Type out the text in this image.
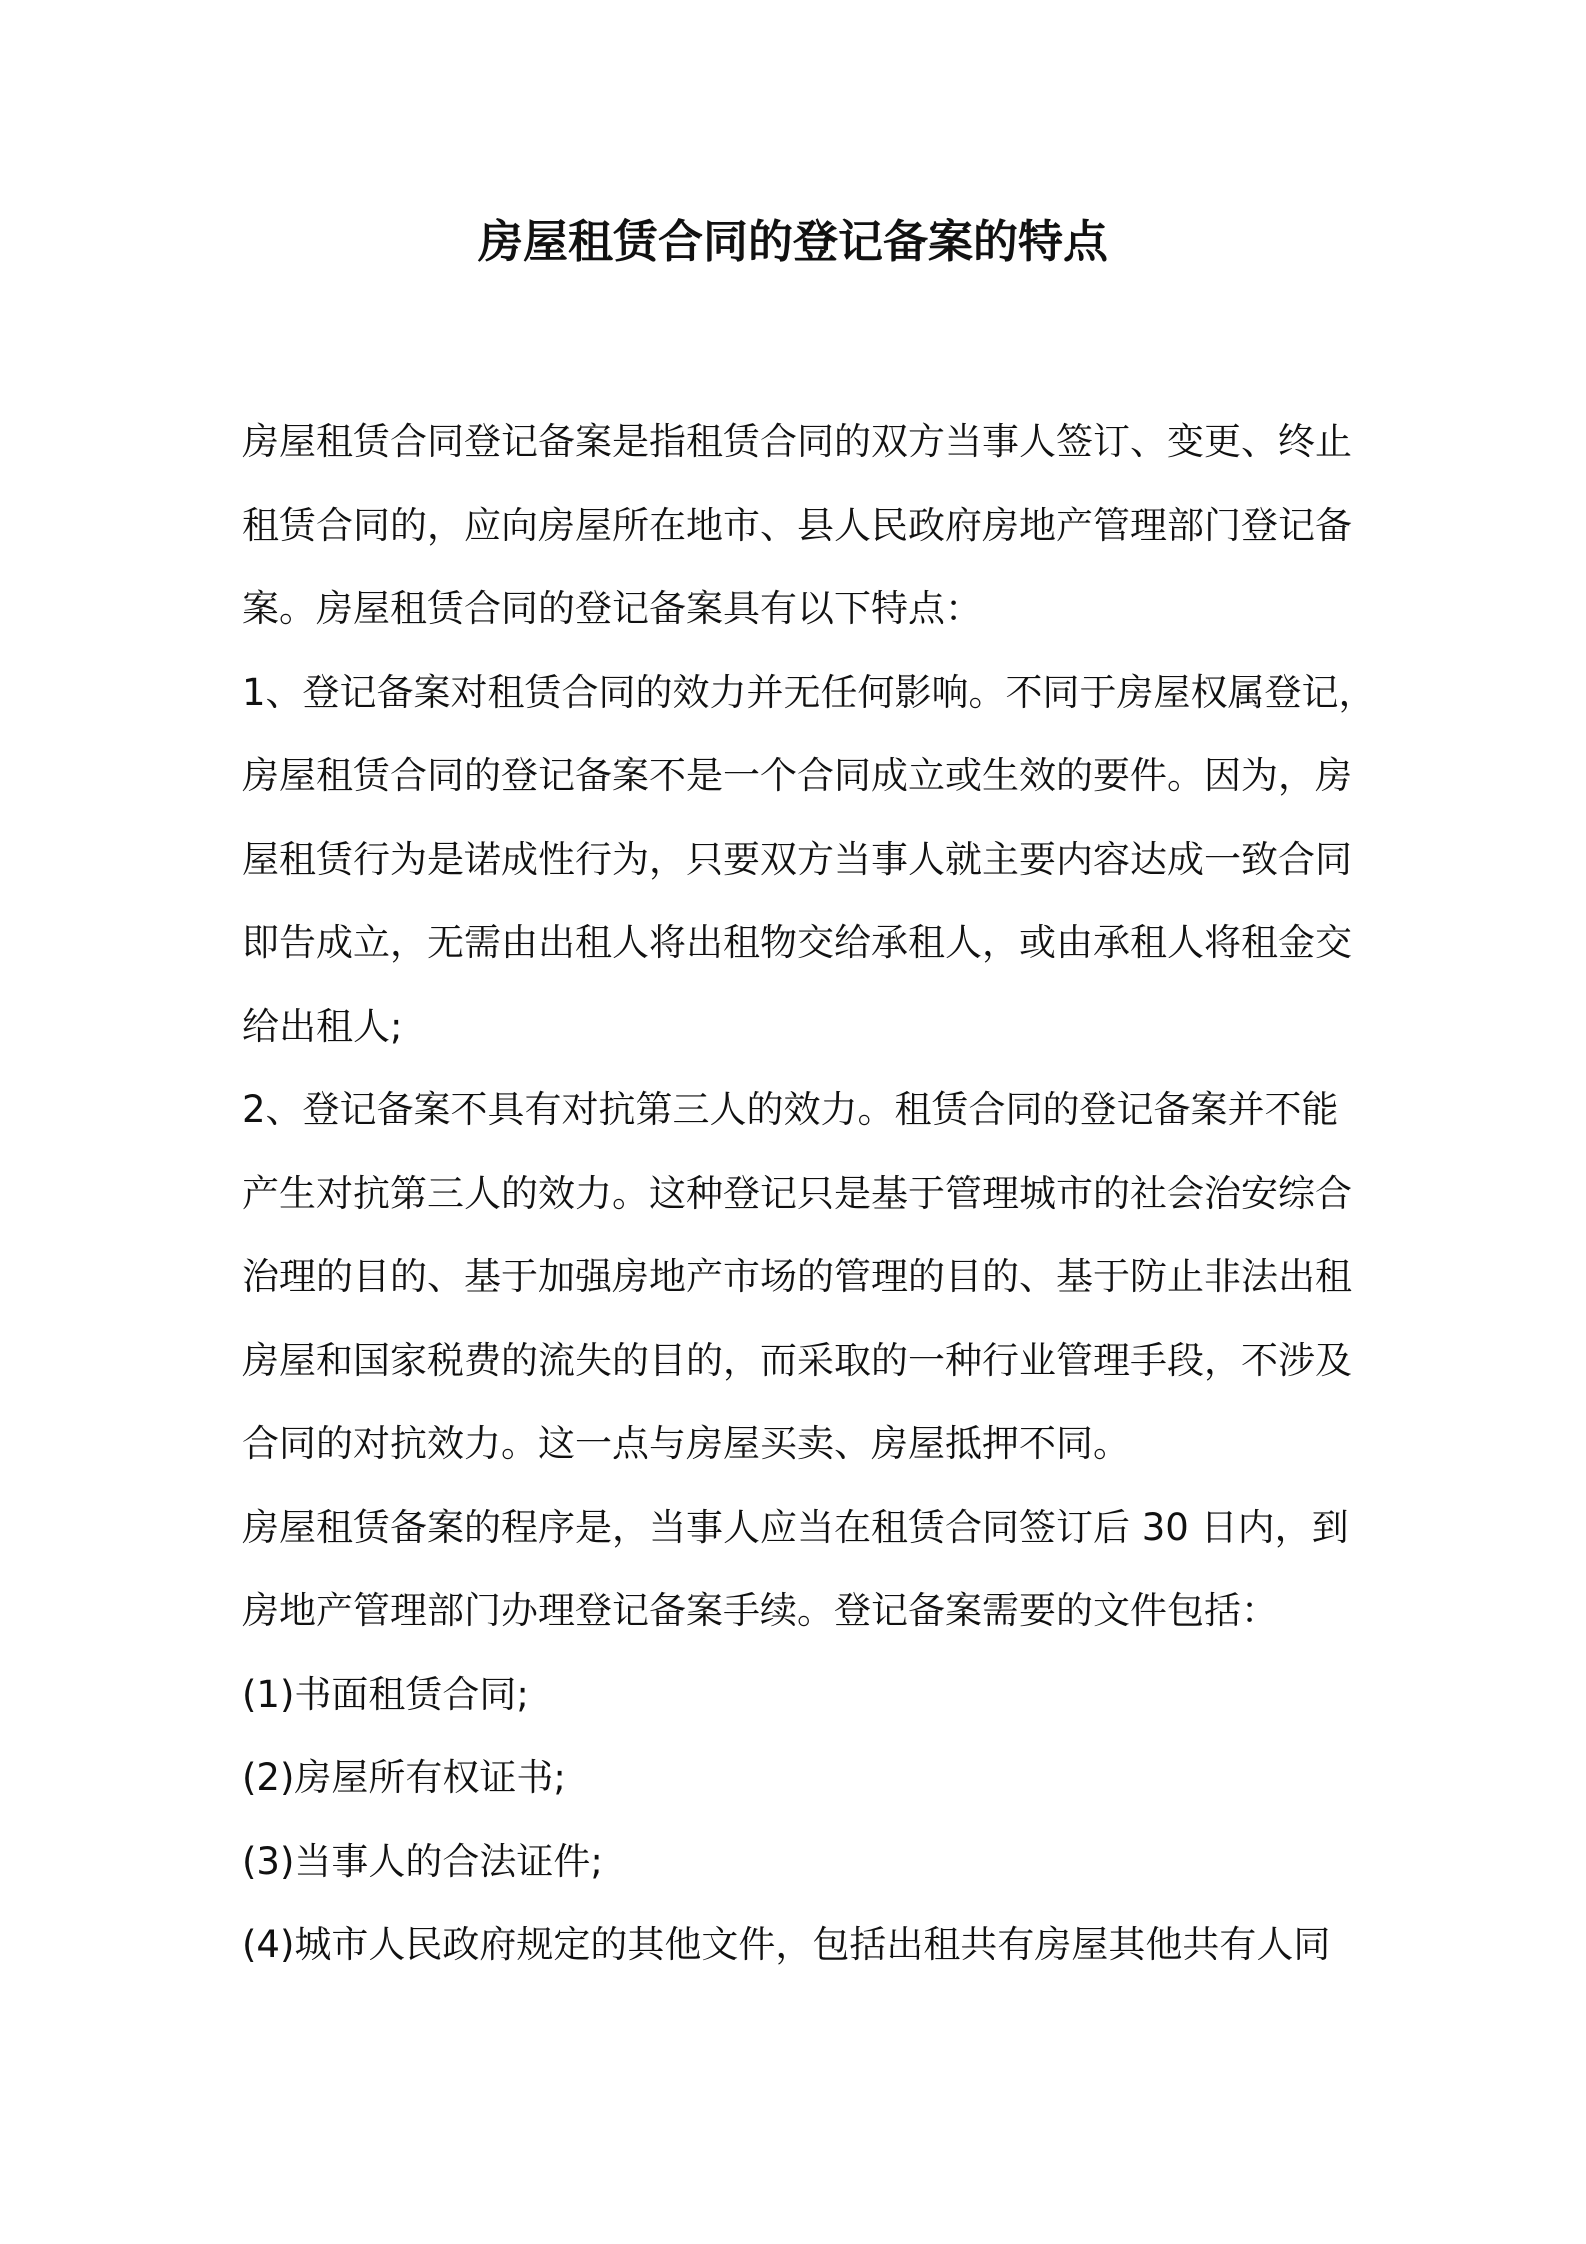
房屋租赁合同的登记备案的特点
房屋租赁合同登记备案是指租赁合同的双方当事人签订、变更、终止
租赁合同的，应向房屋所在地市、县人民政府房地产管理部门登记备
案。房屋租赁合同的登记备案具有以下特点：
1、登记备案对租赁合同的效力并无任何影响。不同于房屋权属登记，
房屋租赁合同的登记备案不是一个合同成立或生效的要件。因为，房
屋租赁行为是诺成性行为，只要双方当事人就主要内容达成一致合同
即告成立，无需由出租人将出租物交给承租人，或由承租人将租金交
给出租人;
2、登记备案不具有对抗第三人的效力。租赁合同的登记备案并不能
产生对抗第三人的效力。这种登记只是基于管理城市的社会治安综合
治理的目的、基于加强房地产市场的管理的目的、基于防止非法出租
房屋和国家税费的流失的目的，而采取的一种行业管理手段，不涉及
合同的对抗效力。这一点与房屋买卖、房屋抵押不同。
房屋租赁备案的程序是，当事人应当在租赁合同签订后 30 日内，到
房地产管理部门办理登记备案手续。登记备案需要的文件包括：
(1)书面租赁合同;
(2)房屋所有权证书;
(3)当事人的合法证件;
(4)城市人民政府规定的其他文件，包括出租共有房屋其他共有人同
